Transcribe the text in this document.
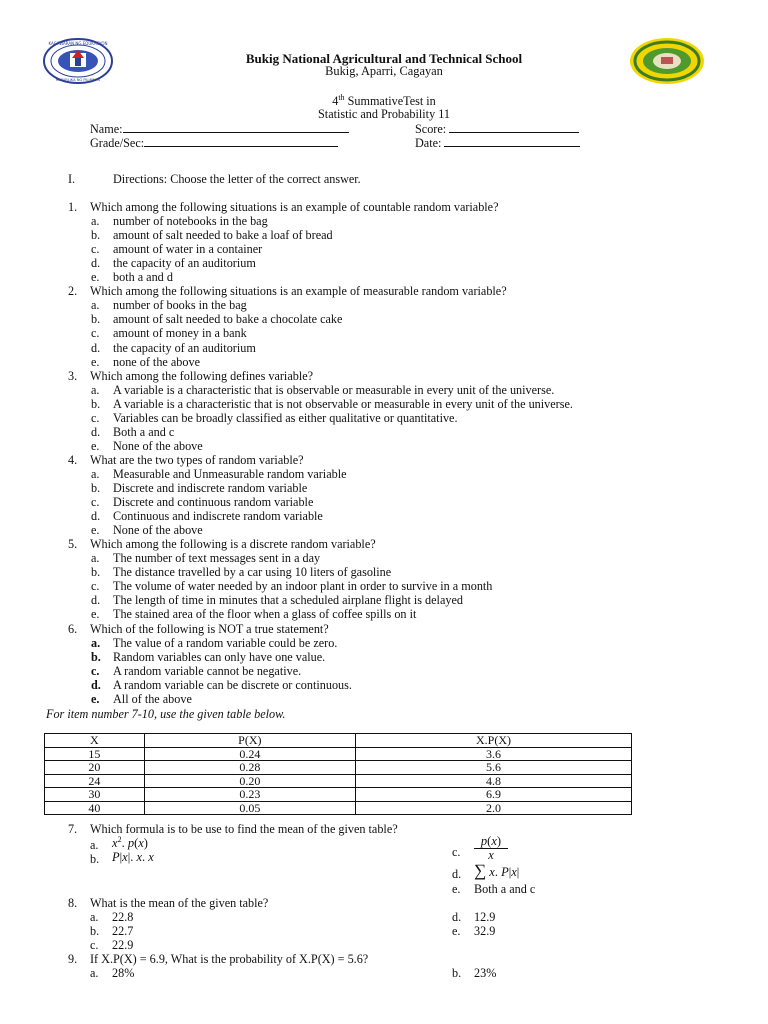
KAGAWARAN NG EDUKASYON
REPUBLIKA NG PILIPINAS
Bukig National Agricultural and Technical School
Bukig, Aparri, Cagayan
4th SummativeTest in
Statistic and Probability 11
Name:	Score:
Grade/Sec:	Date:
I.	Directions: Choose the letter of the correct answer.
1. Which among the following situations is an example of countable random variable?
a. number of notebooks in the bag
b. amount of salt needed to bake a loaf of bread
c. amount of water in a container
d. the capacity of an auditorium
e. both a and d
2. Which among the following situations is an example of measurable random variable?
a. number of books in the bag
b. amount of salt needed to bake a chocolate cake
c. amount of money in a bank
d. the capacity of an auditorium
e. none of the above
3. Which among the following defines variable?
a. A variable is a characteristic that is observable or measurable in every unit of the universe.
b. A variable is a characteristic that is not observable or measurable in every unit of the universe.
c. Variables can be broadly classified as either qualitative or quantitative.
d. Both a and c
e. None of the above
4. What are the two types of random variable?
a. Measurable and Unmeasurable random variable
b. Discrete and indiscrete random variable
c. Discrete and continuous random variable
d. Continuous and indiscrete random variable
e. None of the above
5. Which among the following is a discrete random variable?
a. The number of text messages sent in a day
b. The distance travelled by a car using 10 liters of gasoline
c. The volume of water needed by an indoor plant in order to survive in a month
d. The length of time in minutes that a scheduled airplane flight is delayed
e. The stained area of the floor when a glass of coffee spills on it
6. Which of the following is NOT a true statement?
a. The value of a random variable could be zero.
b. Random variables can only have one value.
c. A random variable cannot be negative.
d. A random variable can be discrete or continuous.
e. All of the above
For item number 7-10, use the given table below.
X	P(X)	X.P(X)
15	0.24	3.6
20	0.28	5.6
24	0.20	4.8
30	0.23	6.9
40	0.05	2.0
7. Which formula is to be use to find the mean of the given table?
a. $x^2$. p(x)
b. P|x|. x. x	c.
p(x)
x
d. ∑ x. P|x|
e. Both a and c
8. What is the mean of the given table?
a. 22.8
b. 22.7
c. 22.9
d. 12.9
e. 32.9
9. If X.P(X) = 6.9, What is the probability of X.P(X) = 5.6?
a. 28%	b. 23%
